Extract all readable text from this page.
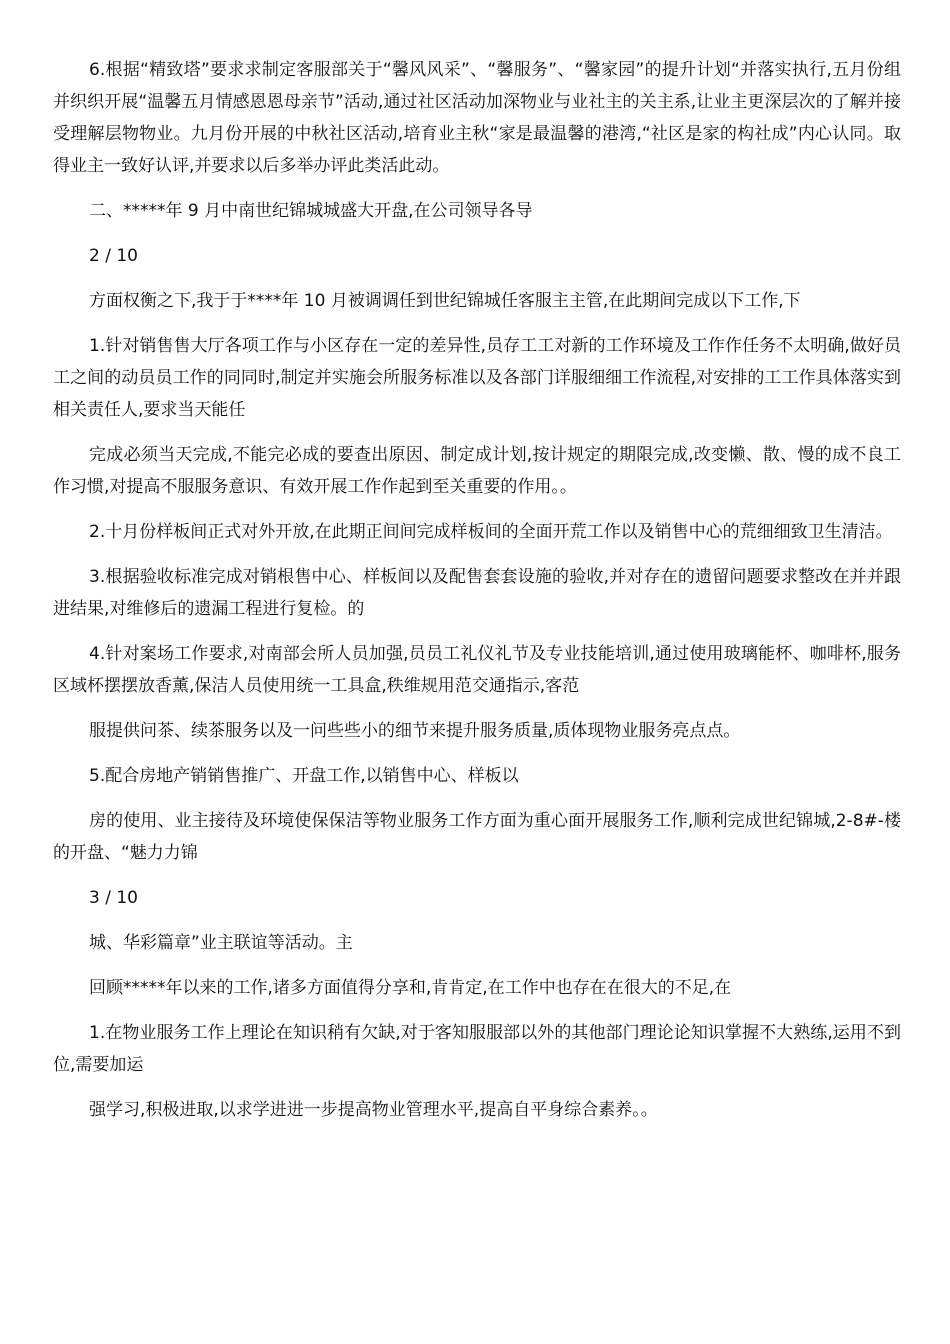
6.根据“精致塔”要求求制定客服部关于“馨风风采”、“馨服务”、“馨家园”的提升计划“并落实执行,五月份组并织织开展“温馨五月情感恩恩母亲节”活动,通过社区活动加深物业与业社主的关主系,让业主更深层次的了解并接受理解层物物业。九月份开展的中秋社区活动,培育业主秋“家是最温馨的港湾,“社区是家的构社成”内心认同。取得业主一致好认评,并要求以后多举办评此类活此动。

二、*****年 9 月中南世纪锦城城盛大开盘,在公司领导各导

2 / 10

方面权衡之下,我于于****年 10 月被调调任到世纪锦城任客服主主管,在此期间完成以下工作,下

1.针对销售售大厅各项工作与小区存在一定的差异性,员存工工对新的工作环境及工作作任务不太明确,做好员工之间的动员员工作的同同时,制定并实施会所服务标准以及各部门详服细细工作流程,对安排的工工作具体落实到相关责任人,要求当天能任

完成必须当天完成,不能完必成的要查出原因、制定成计划,按计规定的期限完成,改变懒、散、慢的成不良工作习惯,对提高不服服务意识、有效开展工作作起到至关重要的作用。。

2.十月份样板间正式对外开放,在此期正间间完成样板间的全面开荒工作以及销售中心的荒细细致卫生清洁。

3.根据验收标准完成对销根售中心、样板间以及配售套套设施的验收,并对存在的遗留问题要求整改在并并跟进结果,对维修后的遗漏工程进行复检。的

4.针对案场工作要求,对南部会所人员加强,员员工礼仪礼节及专业技能培训,通过使用玻璃能杯、咖啡杯,服务区域杯摆摆放香薰,保洁人员使用统一工具盒,秩维规用范交通指示,客范

服提供问茶、续茶服务以及一问些些小的细节来提升服务质量,质体现物业服务亮点点。

5.配合房地产销销售推广、开盘工作,以销售中心、样板以

房的使用、业主接待及环境使保保洁等物业服务工作方面为重心面开展服务工作,顺利完成世纪锦城,2-8#-楼的开盘、“魅力力锦

3 / 10

城、华彩篇章”业主联谊等活动。主

回顾*****年以来的工作,诸多方面值得分享和,肯肯定,在工作中也存在在很大的不足,在

1.在物业服务工作上理论在知识稍有欠缺,对于客知服服部以外的其他部门理论论知识掌握不大熟练,运用不到位,需要加运

强学习,积极进取,以求学进进一步提高物业管理水平,提高自平身综合素养。。
